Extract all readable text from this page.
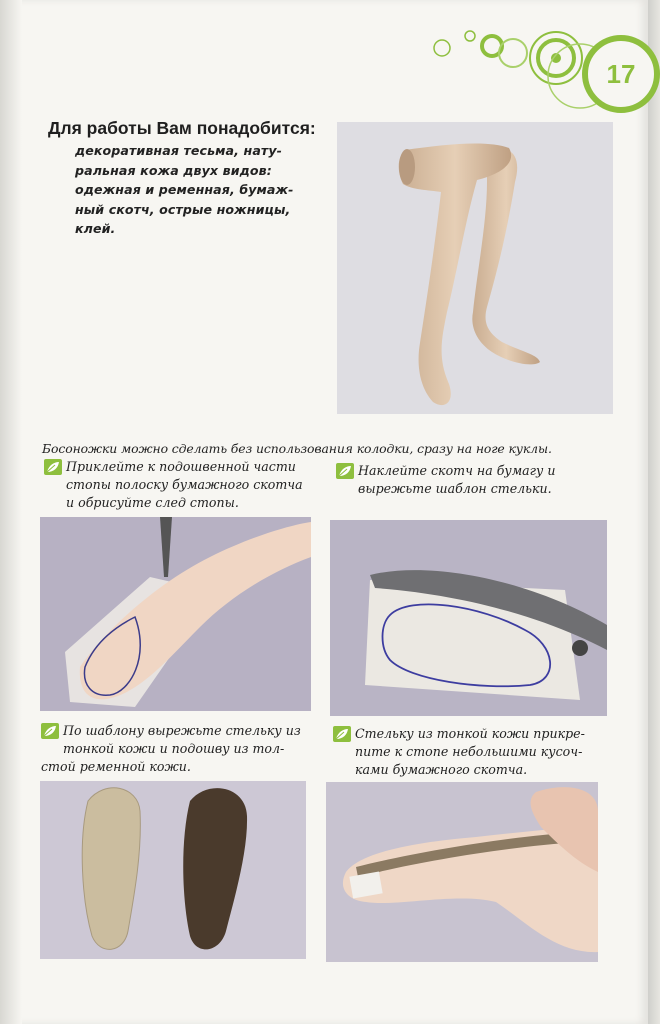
17
Для работы Вам понадобится:
декоративная тесьма, нату-
ральная кожа двух видов:
одежная и ременная, бумаж-
ный скотч, острые ножницы,
клей.
Босоножки можно сделать без использования колодки, сразу на ноге куклы.
Приклейте к подошвенной части
стопы полоску бумажного скотча
и обрисуйте след стопы.
Наклейте скотч на бумагу и
вырежьте шаблон стельки.
По шаблону вырежьте стельку из
тонкой кожи и подошву из тол-
стой ременной кожи.
Стельку из тонкой кожи прикре-
пите к стопе небольшими кусоч-
ками бумажного скотча.
